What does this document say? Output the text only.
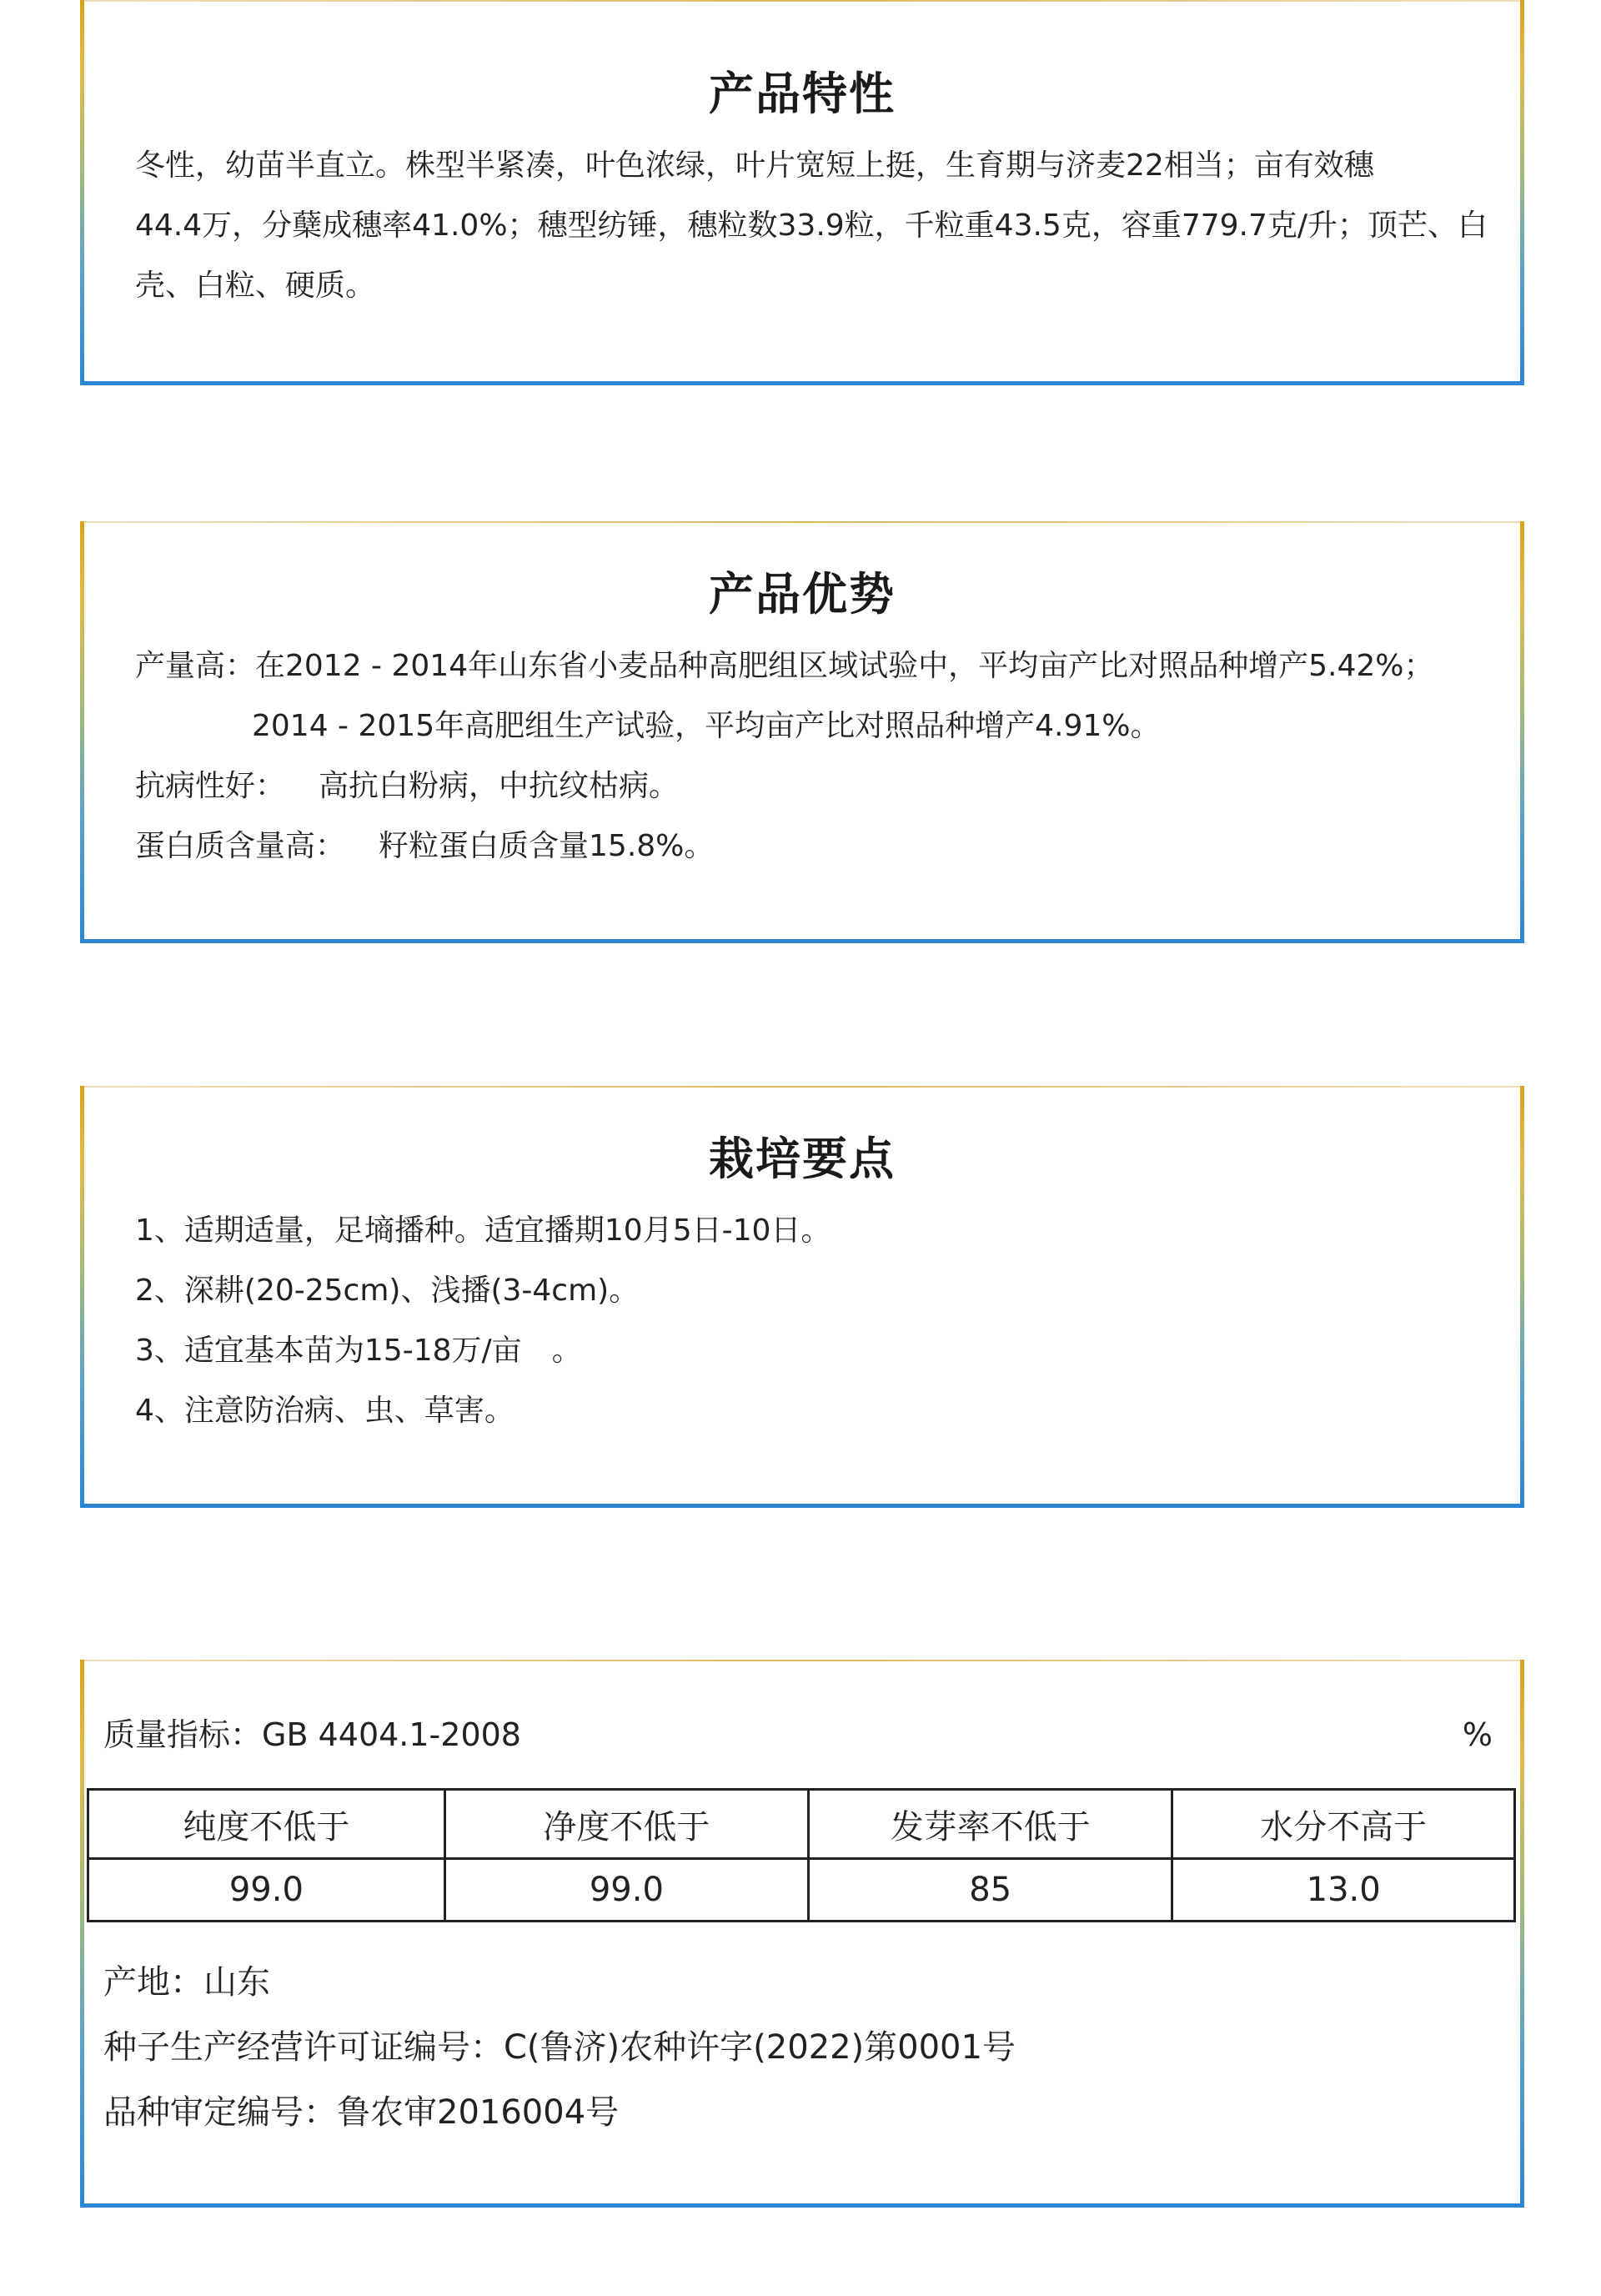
产品特性
冬性，幼苗半直立。株型半紧凑，叶色浓绿，叶片宽短上挺，生育期与济麦22相当；亩有效穗
44.4万，分蘖成穗率41.0%；穗型纺锤，穗粒数33.9粒，千粒重43.5克，容重779.7克/升；顶芒、白
壳、白粒、硬质。
产品优势
产量高：在2012 - 2014年山东省小麦品种高肥组区域试验中，平均亩产比对照品种增产5.42%；
2014 - 2015年高肥组生产试验，平均亩产比对照品种增产4.91%。
抗病性好： 高抗白粉病，中抗纹枯病。
蛋白质含量高： 籽粒蛋白质含量15.8%。
栽培要点
1、适期适量，足墒播种。适宜播期10月5日-10日。
2、深耕(20-25cm)、浅播(3-4cm)。
3、适宜基本苗为15-18万/亩　。
4、注意防治病、虫、草害。
质量指标：GB 4404.1-2008	%
纯度不低于	净度不低于	发芽率不低于	水分不高于
99.0	99.0	85	13.0
产地：山东
种子生产经营许可证编号：C(鲁济)农种许字(2022)第0001号
品种审定编号：鲁农审2016004号
